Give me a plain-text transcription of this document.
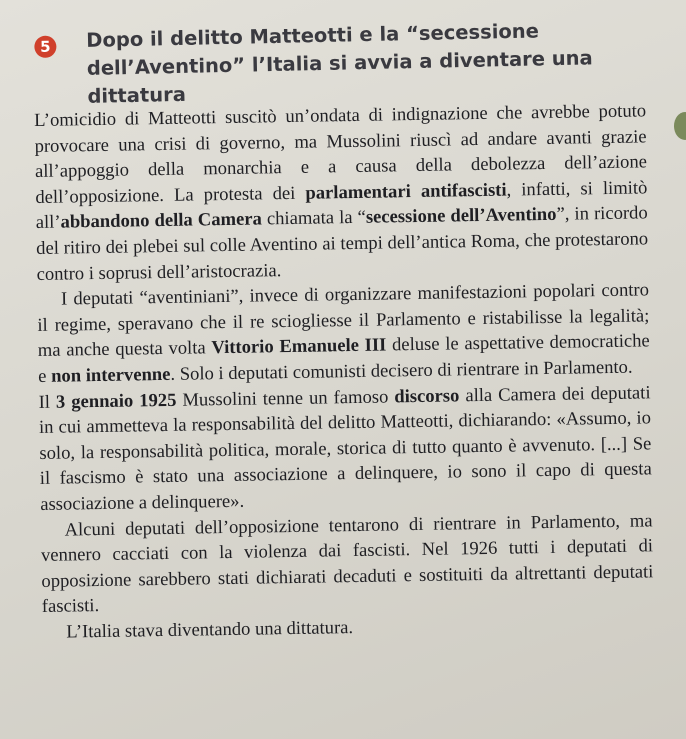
5 Dopo il delitto Matteotti e la “secessione dell’Aventino” l’Italia si avvia a diventare una dittatura

L’omicidio di Matteotti suscitò un’ondata di indignazione che avrebbe potuto provocare una crisi di governo, ma Mussolini riuscì ad andare avanti grazie all’appoggio della monarchia e a causa della debolezza dell’azione dell’opposizione. La protesta dei parlamentari antifascisti, infatti, si limitò all’abbandono della Camera chiamata la “secessione dell’Aventino”, in ricordo del ritiro dei plebei sul colle Aventino ai tempi dell’antica Roma, che protestarono contro i soprusi dell’aristocrazia.

I deputati “aventiniani”, invece di organizzare manifestazioni popolari contro il regime, speravano che il re sciogliesse il Parlamento e ristabilisse la legalità; ma anche questa volta Vittorio Emanuele III deluse le aspettative democratiche e non intervenne. Solo i deputati comunisti decisero di rientrare in Parlamento.

Il 3 gennaio 1925 Mussolini tenne un famoso discorso alla Camera dei deputati in cui ammetteva la responsabilità del delitto Matteotti, dichiarando: «Assumo, io solo, la responsabilità politica, morale, storica di tutto quanto è avvenuto. [...] Se il fascismo è stato una associazione a delinquere, io sono il capo di questa associazione a delinquere».

Alcuni deputati dell’opposizione tentarono di rientrare in Parlamento, ma vennero cacciati con la violenza dai fascisti. Nel 1926 tutti i deputati di opposizione sarebbero stati dichiarati decaduti e sostituiti da altrettanti deputati fascisti.

L’Italia stava diventando una dittatura.
